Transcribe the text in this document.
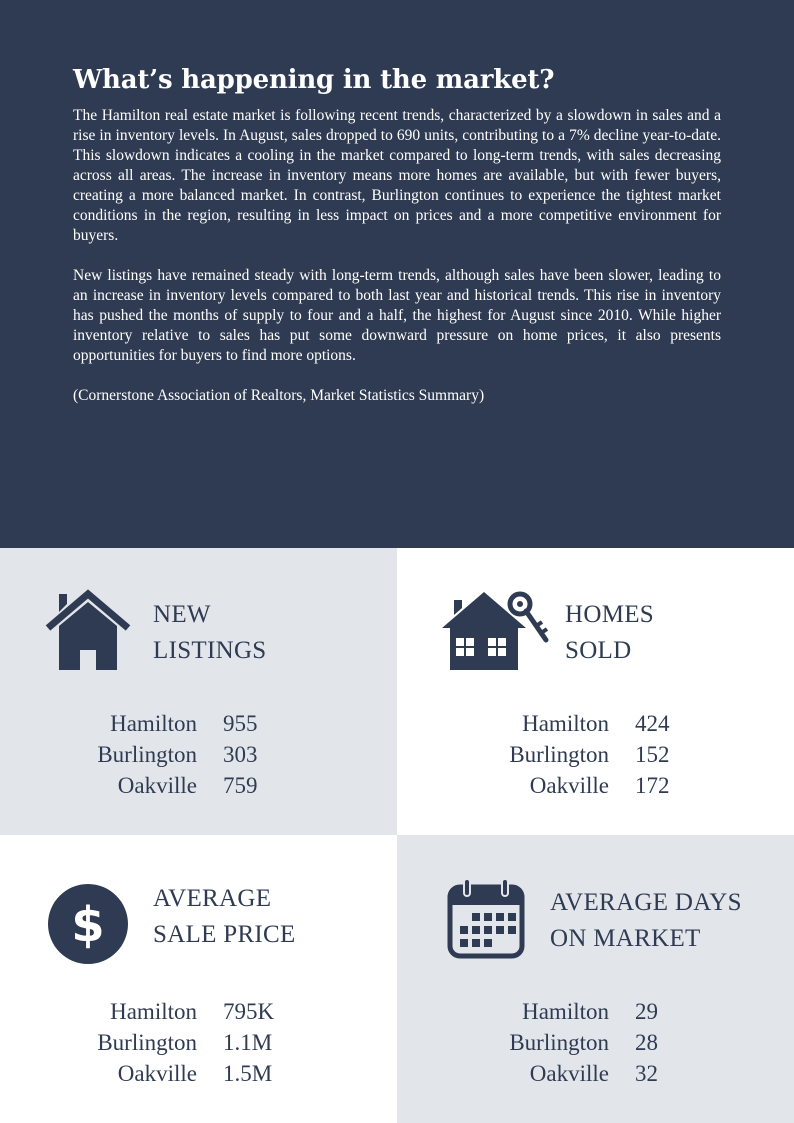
What’s happening in the market?

The Hamilton real estate market is following recent trends, characterized by a slowdown in sales and a rise in inventory levels. In August, sales dropped to 690 units, contributing to a 7% decline year-to-date. This slowdown indicates a cooling in the market compared to long-term trends, with sales decreasing across all areas. The increase in inventory means more homes are available, but with fewer buyers, creating a more balanced market. In contrast, Burlington continues to experience the tightest market conditions in the region, resulting in less impact on prices and a more competitive environment for buyers.

New listings have remained steady with long-term trends, although sales have been slower, leading to an increase in inventory levels compared to both last year and historical trends. This rise in inventory has pushed the months of supply to four and a half, the highest for August since 2010. While higher inventory relative to sales has put some downward pressure on home prices, it also presents opportunities for buyers to find more options.

(Cornerstone Association of Realtors, Market Statistics Summary)

NEW
LISTINGS
Hamilton 955
Burlington 303
Oakville 759
HOMES
SOLD
Hamilton 424
Burlington 152
Oakville 172
$ AVERAGE
SALE PRICE
Hamilton 795K
Burlington 1.1M
Oakville 1.5M
AVERAGE DAYS
ON MARKET
Hamilton 29
Burlington 28
Oakville 32
